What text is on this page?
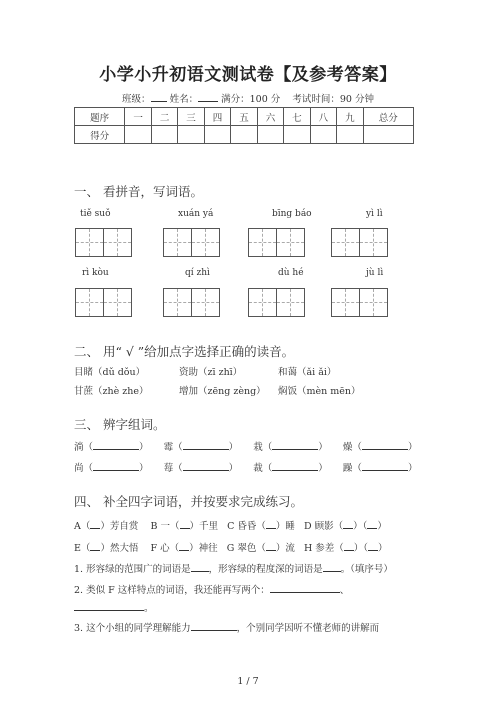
小学小升初语文测试卷【及参考答案】
班级： 姓名： 满分：100 分 考试时间：90 分钟
题序	一	二	三	四	五	六	七	八	九	总分
得分										
一、 看拼音，写词语。
tiě suǒ	xuán yá	bīng báo	yì lì
rì kòu	qí zhì	dù hé	jù lì
二、 用“ √ ”给加点字选择正确的读音。
目睹（dǔ dǒu）	资助（zī zhī）	和蔼（ǎi ǎi）
甘蔗（zhè zhe）	增加（zēng zèng） 焖饭（mèn mēn）
三、 辨字组词。
淌（	） 霉（	） 栽（	） 燥（	）
尚（	） 莓（	） 裁（	） 躁（	）
四、 补全四字词语，并按要求完成练习。
A（ ）芳自赏 B 一（ ）千里 C 昏昏（ ）睡 D 顾影（ ）（ ）
E（ ）然大悟 F 心（ ）神往 G 翠色（ ）流 H 参差（ ）（ ）
1. 形容绿的范围广的词语是 ，形容绿的程度深的词语是 。（填序号）
2. 类似 F 这样特点的词语，我还能再写两个：	、
。
3. 这个小组的同学理解能力	，个别同学因听不懂老师的讲解而
1 / 7
